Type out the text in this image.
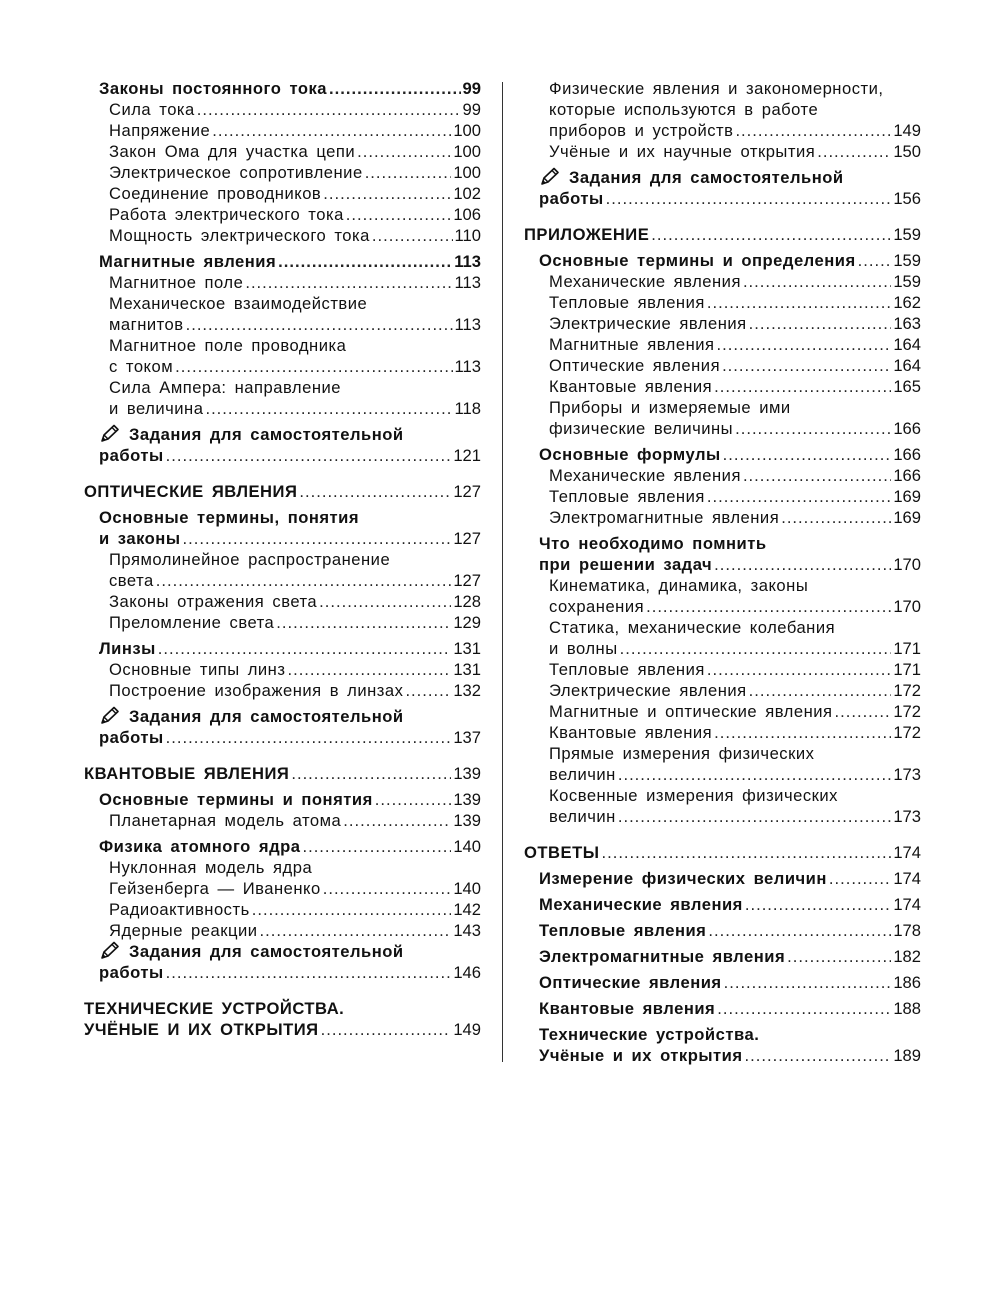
Законы постоянного тока .....	99
Сила тока .....	99
Напряжение .....	100
Закон Ома для участка цепи .....	100
Электрическое сопротивление .....	100
Соединение проводников .....	102
Работа электрического тока .....	106
Мощность электрического тока .....	110
Магнитные явления .....	113
Магнитное поле .....	113
Механическое взаимодействие
магнитов .....	113
Магнитное поле проводника
с током .....	113
Сила Ампера: направление
и величина .....	118
Задания для самостоятельной
работы .....	121
ОПТИЧЕСКИЕ ЯВЛЕНИЯ .....	127
Основные термины, понятия
и законы .....	127
Прямолинейное распространение
света .....	127
Законы отражения света .....	128
Преломление света .....	129
Линзы .....	131
Основные типы линз .....	131
Построение изображения в линзах .....	132
Задания для самостоятельной
работы .....	137
КВАНТОВЫЕ ЯВЛЕНИЯ .....	139
Основные термины и понятия .....	139
Планетарная модель атома .....	139
Физика атомного ядра .....	140
Нуклонная модель ядра
Гейзенберга — Иваненко .....	140
Радиоактивность .....	142
Ядерные реакции .....	143
Задания для самостоятельной
работы .....	146
ТЕХНИЧЕСКИЕ УСТРОЙСТВА.
УЧЁНЫЕ И ИХ ОТКРЫТИЯ .....	149
Физические явления и закономерности,
которые используются в работе
приборов и устройств .....	149
Учёные и их научные открытия .....	150
Задания для самостоятельной
работы .....	156
ПРИЛОЖЕНИЕ .....	159
Основные термины и определения ..... 159
Механические явления .....	159
Тепловые явления .....	162
Электрические явления .....	163
Магнитные явления .....	164
Оптические явления .....	164
Квантовые явления .....	165
Приборы и измеряемые ими
физические величины .....	166
Основные формулы .....	166
Механические явления .....	166
Тепловые явления .....	169
Электромагнитные явления .....	169
Что необходимо помнить
при решении задач .....	170
Кинематика, динамика, законы
сохранения .....	170
Статика, механические колебания
и волны .....	171
Тепловые явления .....	171
Электрические явления .....	172
Магнитные и оптические явления .....	172
Квантовые явления .....	172
Прямые измерения физических
величин .....	173
Косвенные измерения физических
величин .....	173
ОТВЕТЫ .....	174
Измерение физических величин .....	174
Механические явления .....	174
Тепловые явления .....	178
Электромагнитные явления .....	182
Оптические явления .....	186
Квантовые явления .....	188
Технические устройства.
Учёные и их открытия .....	189
